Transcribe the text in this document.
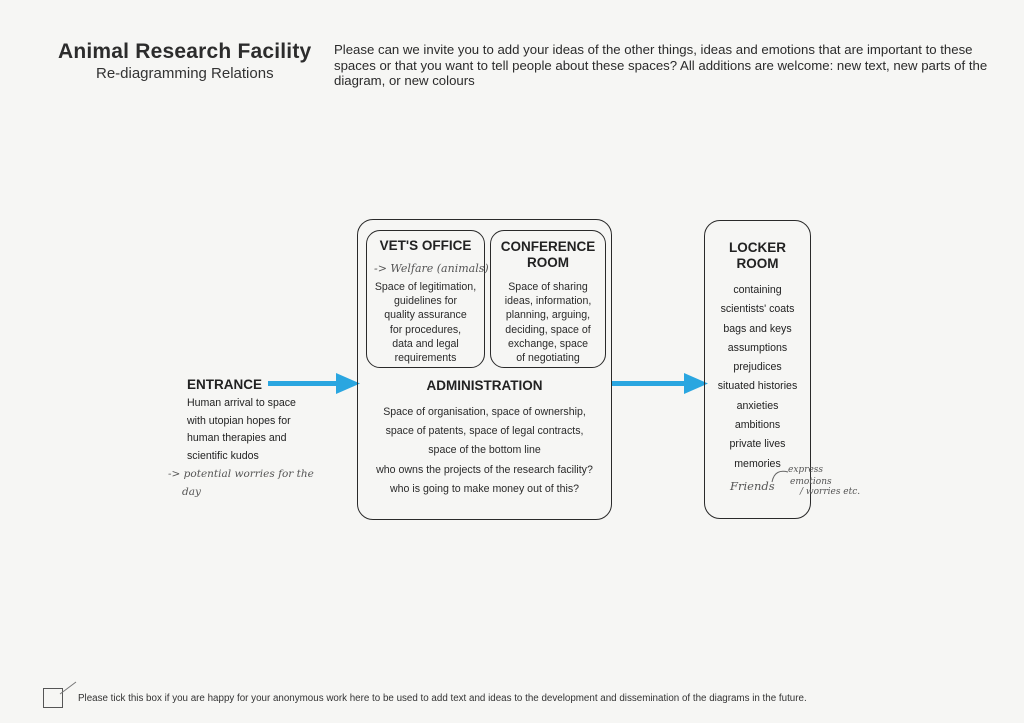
Animal Research Facility
Re-diagramming Relations
Please can we invite you to add your ideas of the other things, ideas and emotions that are important to these spaces or that you want to tell people about these spaces? All additions are welcome: new text, new parts of the diagram, or new colours
ENTRANCE
Human arrival to space
with utopian hopes for
human therapies and
scientific kudos
-> potential worries for the
day
VET'S OFFICE
-> Welfare (animals)
Space of legitimation,
guidelines for
quality assurance
for procedures,
data and legal
requirements
CONFERENCE
ROOM
Space of sharing
ideas, information,
planning, arguing,
deciding, space of
exchange, space
of negotiating
ADMINISTRATION
Space of organisation, space of ownership,
space of patents, space of legal contracts,
space of the bottom line
who owns the projects of the research facility?
who is going to make money out of this?
LOCKER
ROOM
containing
scientists' coats
bags and keys
assumptions
prejudices
situated histories
anxieties
ambitions
private lives
memories
Friends
express
emotions
/ worries etc.
Please tick this box if you are happy for your anonymous work here to be used to add text and ideas to the development and dissemination of the diagrams in the future.
